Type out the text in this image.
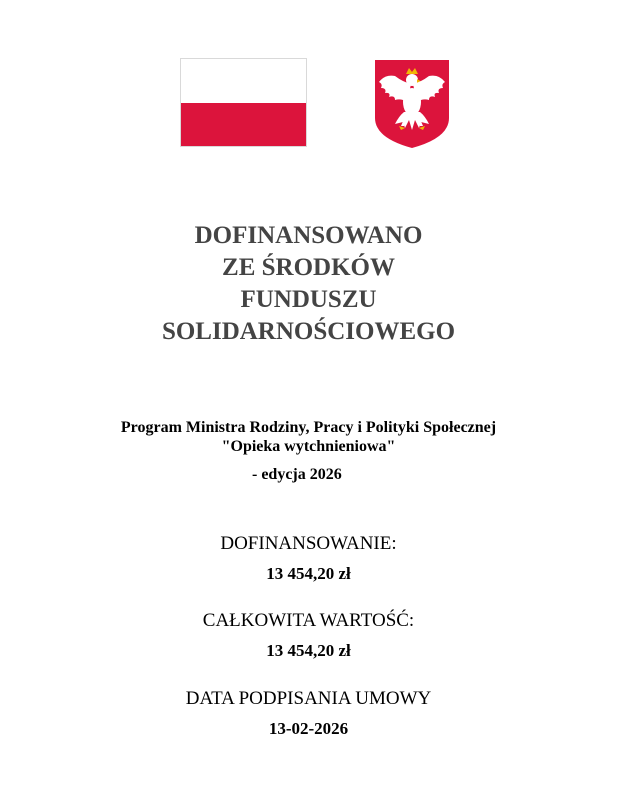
DOFINANSOWANO
ZE ŚRODKÓW
FUNDUSZU
SOLIDARNOŚCIOWEGO
Program Ministra Rodziny, Pracy i Polityki Społecznej
"Opieka wytchnieniowa"
- edycja 2026
DOFINANSOWANIE:
13 454,20 zł
CAŁKOWITA WARTOŚĆ:
13 454,20 zł
DATA PODPISANIA UMOWY
13-02-2026
